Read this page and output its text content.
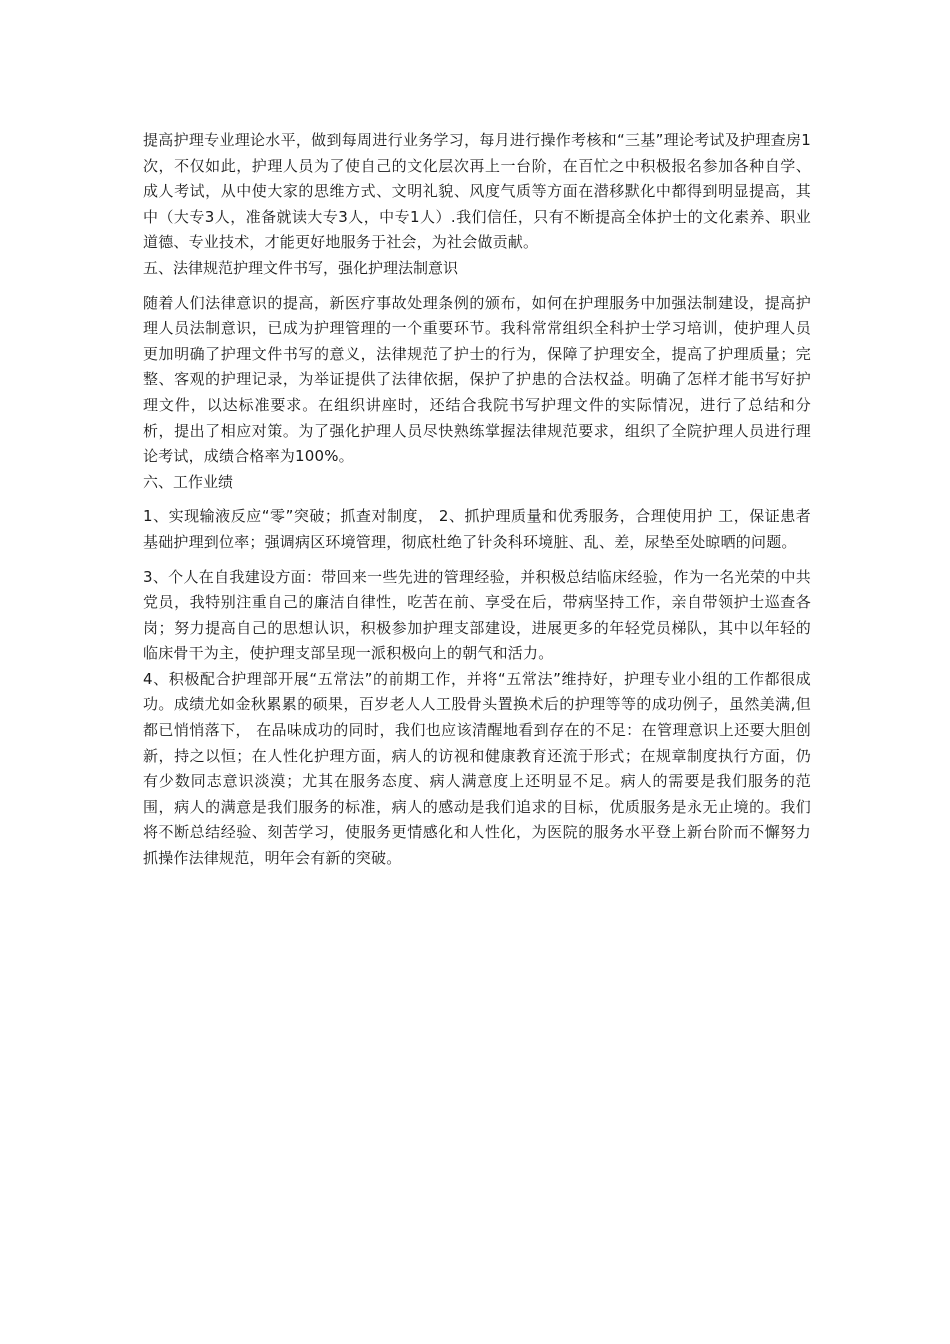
提高护理专业理论水平，做到每周进行业务学习，每月进行操作考核和“三基”理论考试及护理查房1次，不仅如此，护理人员为了使自己的文化层次再上一台阶，在百忙之中积极报名参加各种自学、成人考试，从中使大家的思维方式、文明礼貌、风度气质等方面在潜移默化中都得到明显提高，其中（大专3人，准备就读大专3人，中专1人）.我们信任，只有不断提高全体护士的文化素养、职业道德、专业技术，才能更好地服务于社会，为社会做贡献。

五、法律规范护理文件书写，强化护理法制意识

随着人们法律意识的提高，新医疗事故处理条例的颁布，如何在护理服务中加强法制建设，提高护理人员法制意识，已成为护理管理的一个重要环节。我科常常组织全科护士学习培训，使护理人员更加明确了护理文件书写的意义，法律规范了护士的行为，保障了护理安全，提高了护理质量；完整、客观的护理记录，为举证提供了法律依据，保护了护患的合法权益。明确了怎样才能书写好护理文件，以达标准要求。在组织讲座时，还结合我院书写护理文件的实际情况，进行了总结和分析，提出了相应对策。为了强化护理人员尽快熟练掌握法律规范要求，组织了全院护理人员进行理论考试，成绩合格率为100%。

六、工作业绩

1、实现输液反应“零”突破；抓查对制度， 2、抓护理质量和优秀服务，合理使用护 工，保证患者基础护理到位率；强调病区环境管理，彻底杜绝了针灸科环境脏、乱、差，尿垫至处晾晒的问题。

3、个人在自我建设方面：带回来一些先进的管理经验，并积极总结临床经验，作为一名光荣的中共党员，我特别注重自己的廉洁自律性，吃苦在前、享受在后，带病坚持工作，亲自带领护士巡查各岗；努力提高自己的思想认识，积极参加护理支部建设，进展更多的年轻党员梯队，其中以年轻的临床骨干为主，使护理支部呈现一派积极向上的朝气和活力。

4、积极配合护理部开展“五常法”的前期工作，并将“五常法”维持好，护理专业小组的工作都很成功。成绩尤如金秋累累的硕果，百岁老人人工股骨头置换术后的护理等等的成功例子，虽然美满,但都已悄悄落下， 在品味成功的同时，我们也应该清醒地看到存在的不足：在管理意识上还要大胆创新，持之以恒；在人性化护理方面，病人的访视和健康教育还流于形式；在规章制度执行方面，仍有少数同志意识淡漠；尤其在服务态度、病人满意度上还明显不足。病人的需要是我们服务的范围，病人的满意是我们服务的标准，病人的感动是我们追求的目标，优质服务是永无止境的。我们将不断总结经验、刻苦学习，使服务更情感化和人性化，为医院的服务水平登上新台阶而不懈努力抓操作法律规范，明年会有新的突破。
